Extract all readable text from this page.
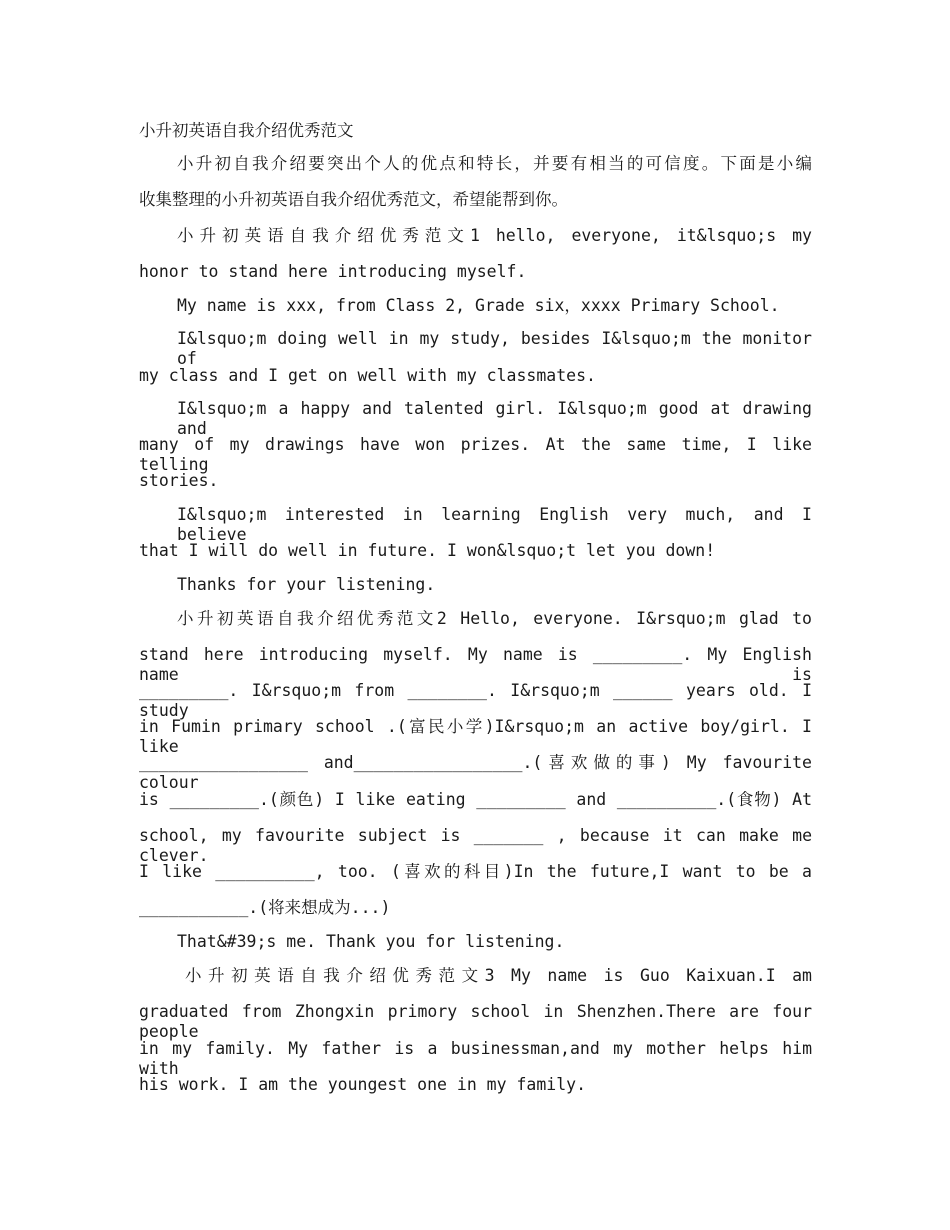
小升初英语自我介绍优秀范文

小升初自我介绍要突出个人的优点和特长，并要有相当的可信度。下面是小编

收集整理的小升初英语自我介绍优秀范文，希望能帮到你。

小升初英语自我介绍优秀范文1 hello, everyone, it&lsquo;s my

honor to stand here introducing myself.

My name is xxx, from Class 2, Grade six，xxxx Primary School.

I&lsquo;m doing well in my study, besides I&lsquo;m the monitor of

my class and I get on well with my classmates.

I&lsquo;m a happy and talented girl. I&lsquo;m good at drawing and

many of my drawings have won prizes. At the same time, I like telling

stories.

I&lsquo;m interested in learning English very much, and I believe

that I will do well in future. I won&lsquo;t let you down!

Thanks for your listening.

小升初英语自我介绍优秀范文2 Hello, everyone. I&rsquo;m glad to

stand here introducing myself. My name is _________. My English name is

_________. I&rsquo;m from ________. I&rsquo;m ______ years old. I study

in Fumin primary school .(富民小学)I&rsquo;m an active boy/girl. I like

_________________ and_________________.(喜欢做的事) My favourite colour

is _________.(颜色) I like eating _________ and __________.(食物) At

school, my favourite subject is _______ , because it can make me clever.

I like __________, too. (喜欢的科目)In the future,I want to be a

___________.(将来想成为...)

That&#39;s me. Thank you for listening.

小升初英语自我介绍优秀范文3 My name is Guo Kaixuan.I am

graduated from Zhongxin primory school in Shenzhen.There are four people

in my family. My father is a businessman,and my mother helps him with

his work. I am the youngest one in my family.
